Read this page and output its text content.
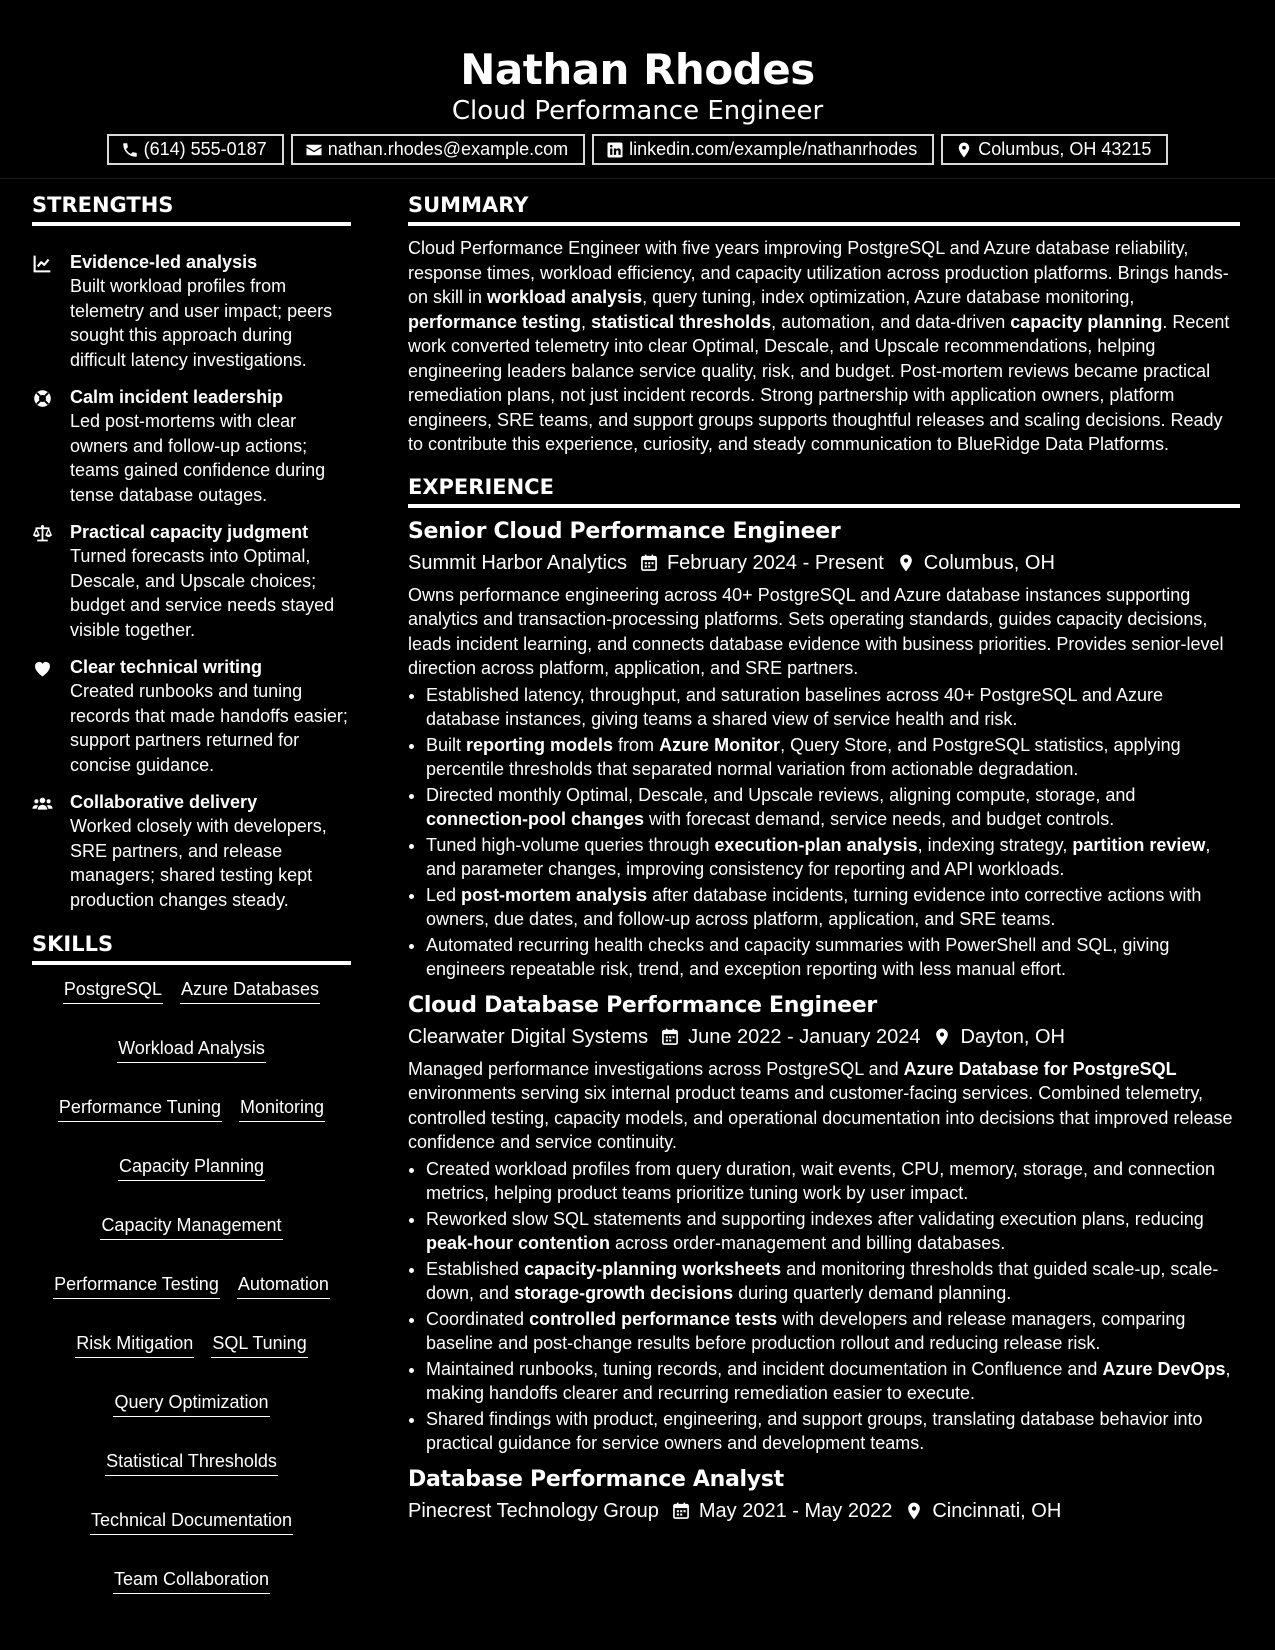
Nathan Rhodes
Cloud Performance Engineer
(614) 555-0187	nathan.rhodes@example.com	linkedin.com/example/nathanrhodes	Columbus, OH 43215
STRENGTHS
Evidence-led analysis
Built workload profiles from telemetry and user impact; peers sought this approach during difficult latency investigations.
Calm incident leadership
Led post-mortems with clear owners and follow-up actions; teams gained confidence during tense database outages.
Practical capacity judgment
Turned forecasts into Optimal, Descale, and Upscale choices; budget and service needs stayed visible together.
Clear technical writing
Created runbooks and tuning records that made handoffs easier; support partners returned for concise guidance.
Collaborative delivery
Worked closely with developers, SRE partners, and release managers; shared testing kept production changes steady.
SKILLS
PostgreSQL Azure Databases
Workload Analysis
Performance Tuning Monitoring
Capacity Planning
Capacity Management
Performance Testing Automation
Risk Mitigation SQL Tuning
Query Optimization
Statistical Thresholds
Technical Documentation
Team Collaboration
SUMMARY

Cloud Performance Engineer with five years improving PostgreSQL and Azure database reliability, response times, workload efficiency, and capacity utilization across production platforms. Brings hands-on skill in workload analysis, query tuning, index optimization, Azure database monitoring, performance testing, statistical thresholds, automation, and data-driven capacity planning. Recent work converted telemetry into clear Optimal, Descale, and Upscale recommendations, helping engineering leaders balance service quality, risk, and budget. Post-mortem reviews became practical remediation plans, not just incident records. Strong partnership with application owners, platform engineers, SRE teams, and support groups supports thoughtful releases and scaling decisions. Ready to contribute this experience, curiosity, and steady communication to BlueRidge Data Platforms.

EXPERIENCE
Senior Cloud Performance Engineer
Summit Harbor Analytics February 2024 - Present Columbus, OH

Owns performance engineering across 40+ PostgreSQL and Azure database instances supporting analytics and transaction-processing platforms. Sets operating standards, guides capacity decisions, leads incident learning, and connects database evidence with business priorities. Provides senior-level direction across platform, application, and SRE partners.

• Established latency, throughput, and saturation baselines across 40+ PostgreSQL and Azure database instances, giving teams a shared view of service health and risk.
• Built reporting models from Azure Monitor, Query Store, and PostgreSQL statistics, applying percentile thresholds that separated normal variation from actionable degradation.
• Directed monthly Optimal, Descale, and Upscale reviews, aligning compute, storage, and connection-pool changes with forecast demand, service needs, and budget controls.
• Tuned high-volume queries through execution-plan analysis, indexing strategy, partition review, and parameter changes, improving consistency for reporting and API workloads.
• Led post-mortem analysis after database incidents, turning evidence into corrective actions with owners, due dates, and follow-up across platform, application, and SRE teams.
• Automated recurring health checks and capacity summaries with PowerShell and SQL, giving engineers repeatable risk, trend, and exception reporting with less manual effort.
Cloud Database Performance Engineer
Clearwater Digital Systems June 2022 - January 2024 Dayton, OH

Managed performance investigations across PostgreSQL and Azure Database for PostgreSQL environments serving six internal product teams and customer-facing services. Combined telemetry, controlled testing, capacity models, and operational documentation into decisions that improved release confidence and service continuity.

• Created workload profiles from query duration, wait events, CPU, memory, storage, and connection metrics, helping product teams prioritize tuning work by user impact.
• Reworked slow SQL statements and supporting indexes after validating execution plans, reducing peak-hour contention across order-management and billing databases.
• Established capacity-planning worksheets and monitoring thresholds that guided scale-up, scale-down, and storage-growth decisions during quarterly demand planning.
• Coordinated controlled performance tests with developers and release managers, comparing baseline and post-change results before production rollout and reducing release risk.
• Maintained runbooks, tuning records, and incident documentation in Confluence and Azure DevOps, making handoffs clearer and recurring remediation easier to execute.
• Shared findings with product, engineering, and support groups, translating database behavior into practical guidance for service owners and development teams.
Database Performance Analyst
Pinecrest Technology Group May 2021 - May 2022 Cincinnati, OH
